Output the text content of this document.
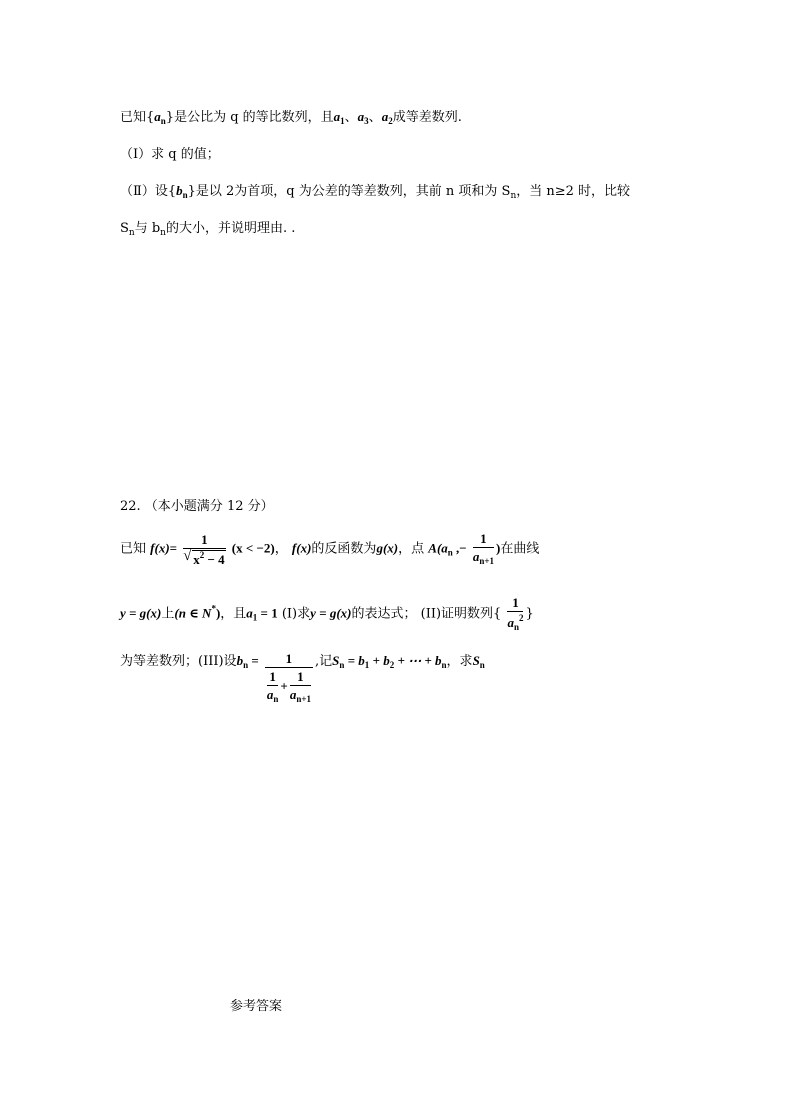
已知$\{a_n\}$是公比为 q 的等比数列，且$a_1$、$a_3$、$a_2$成等差数列.
（Ⅰ）求 q 的值；
（Ⅱ）设$\{b_n\}$是以 2为首项，q 为公差的等差数列，其前 n 项和为 $S_n$，当 n≥2 时，比较
$S_n$与 $b_n$的大小，并说明理由. .
22. （本小题满分 12 分）
已知 f(x)= 1
√ $x^2 - 4$ (x < −2)， f(x)的反函数为g(x)，点 $A(a_n$ ,− $\frac{1}{a_{n+1}}$ )在曲线
y = g(x)上(n ∈ N*)，且$a_1 = 1$ (I)求y = g(x)的表达式； (II)证明数列{ $\frac{1}{a_n^2}$ }
为等差数列；(III)设$b_n = \frac{1}{\frac{1}{a_n} + \frac{1}{a_{n+1}}}$ ,记$S_n = b_1 + b_2$ + ⋯ + $b_n$，求$S_n$
参考答案
